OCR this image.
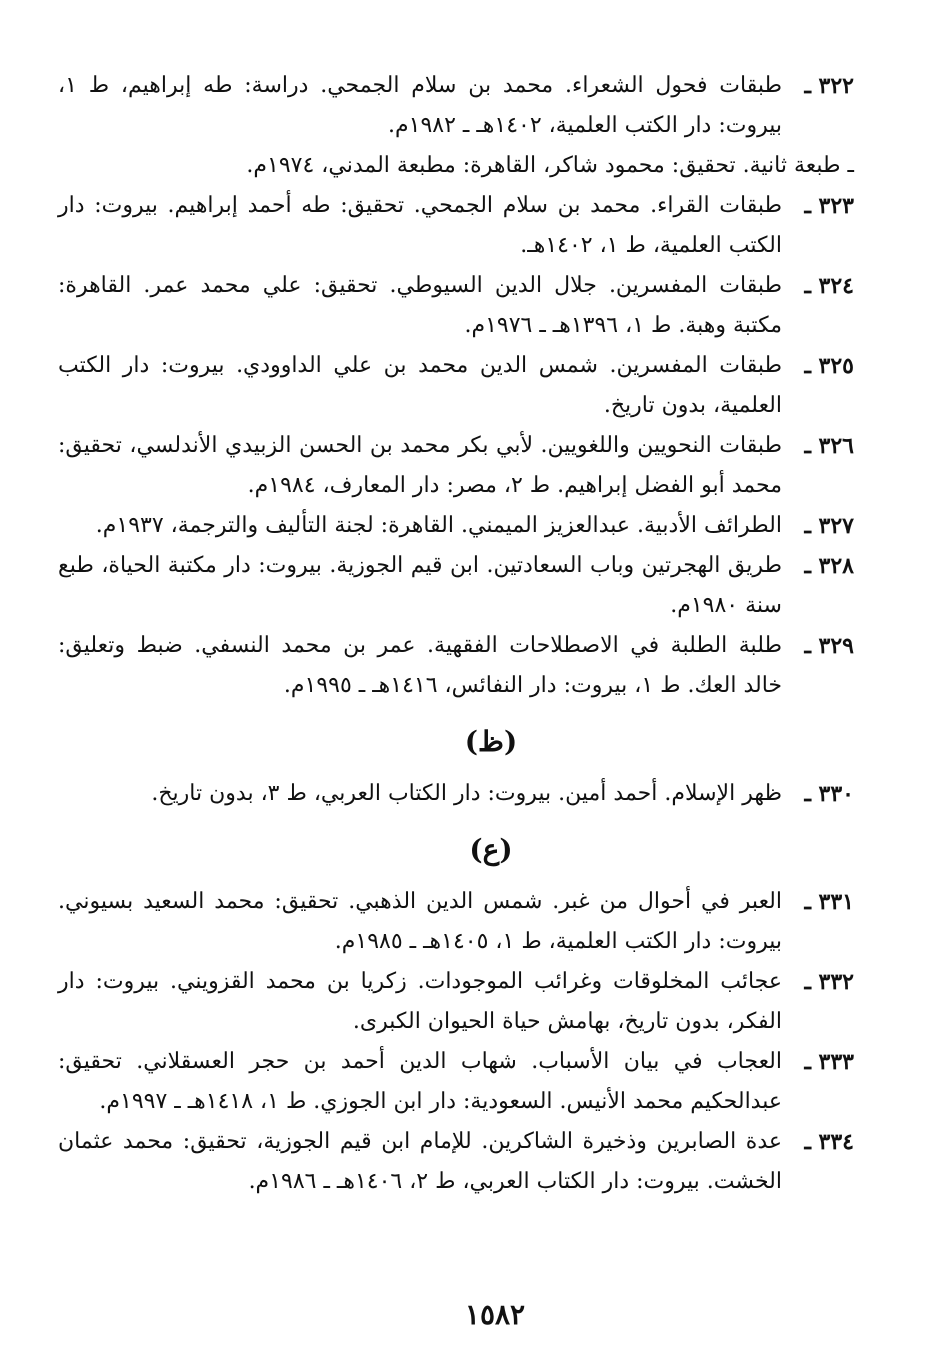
٣٢٢ ـ
طبقات فحول الشعراء. محمد بن سلام الجمحي. دراسة: طه إبراهيم، ط ١، بيروت: دار الكتب العلمية، ١٤٠٢هـ ـ ١٩٨٢م.
ـ طبعة ثانية. تحقيق: محمود شاكر، القاهرة: مطبعة المدني، ١٩٧٤م.
٣٢٣ ـ
طبقات القراء. محمد بن سلام الجمحي. تحقيق: طه أحمد إبراهيم. بيروت: دار الكتب العلمية، ط ١، ١٤٠٢هـ.
٣٢٤ ـ
طبقات المفسرين. جلال الدين السيوطي. تحقيق: علي محمد عمر. القاهرة: مكتبة وهبة. ط ١، ١٣٩٦هـ ـ ١٩٧٦م.
٣٢٥ ـ
طبقات المفسرين. شمس الدين محمد بن علي الداوودي. بيروت: دار الكتب العلمية، بدون تاريخ.
٣٢٦ ـ
طبقات النحويين واللغويين. لأبي بكر محمد بن الحسن الزبيدي الأندلسي، تحقيق: محمد أبو الفضل إبراهيم. ط ٢، مصر: دار المعارف، ١٩٨٤م.
٣٢٧ ـ
الطرائف الأدبية. عبدالعزيز الميمني. القاهرة: لجنة التأليف والترجمة، ١٩٣٧م.
٣٢٨ ـ
طريق الهجرتين وباب السعادتين. ابن قيم الجوزية. بيروت: دار مكتبة الحياة، طبع سنة ١٩٨٠م.
٣٢٩ ـ
طلبة الطلبة في الاصطلاحات الفقهية. عمر بن محمد النسفي. ضبط وتعليق: خالد العك. ط ١، بيروت: دار النفائس، ١٤١٦هـ ـ ١٩٩٥م.
(ظ)
٣٣٠ ـ
ظهر الإسلام. أحمد أمين. بيروت: دار الكتاب العربي، ط ٣، بدون تاريخ.
(ع)
٣٣١ ـ
العبر في أحوال من غبر. شمس الدين الذهبي. تحقيق: محمد السعيد بسيوني. بيروت: دار الكتب العلمية، ط ١، ١٤٠٥هـ ـ ١٩٨٥م.
٣٣٢ ـ
عجائب المخلوقات وغرائب الموجودات. زكريا بن محمد القزويني. بيروت: دار الفكر، بدون تاريخ، بهامش حياة الحيوان الكبرى.
٣٣٣ ـ
العجاب في بيان الأسباب. شهاب الدين أحمد بن حجر العسقلاني. تحقيق: عبدالحكيم محمد الأنيس. السعودية: دار ابن الجوزي. ط ١، ١٤١٨هـ ـ ١٩٩٧م.
٣٣٤ ـ
عدة الصابرين وذخيرة الشاكرين. للإمام ابن قيم الجوزية، تحقيق: محمد عثمان الخشت. بيروت: دار الكتاب العربي، ط ٢، ١٤٠٦هـ ـ ١٩٨٦م.
١٥٨٢
